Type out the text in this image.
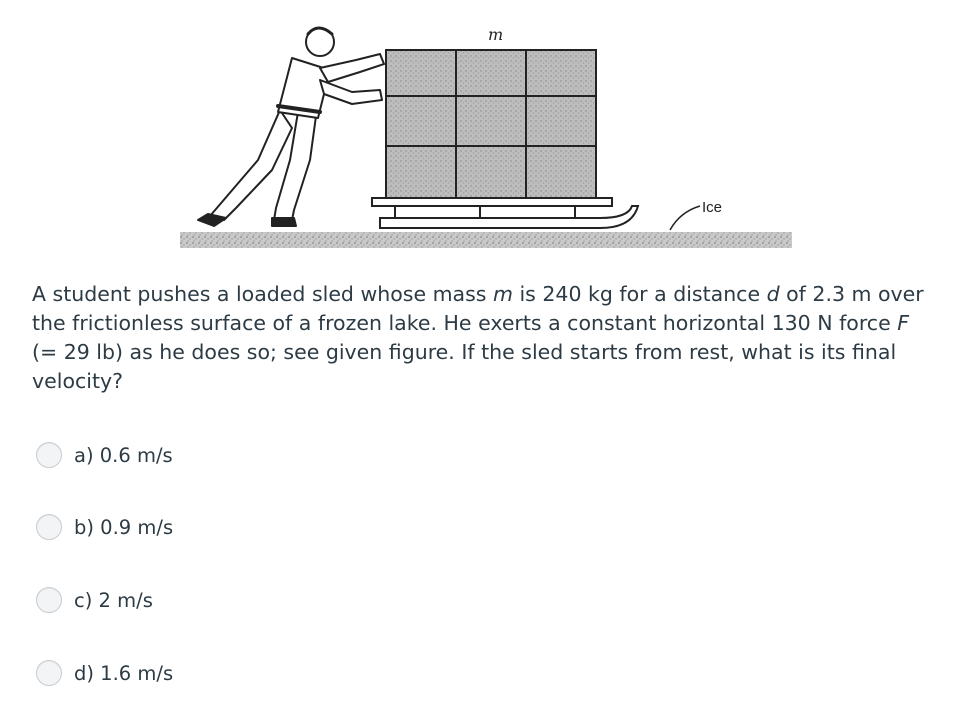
m
Ice
A student pushes a loaded sled whose mass m is 240 kg for a distance d of 2.3 m over the frictionless surface of a frozen lake. He exerts a constant horizontal 130 N force F (= 29 lb) as he does so; see given figure. If the sled starts from rest, what is its final velocity?
a) 0.6 m/s
b) 0.9 m/s
c) 2 m/s
d) 1.6 m/s
